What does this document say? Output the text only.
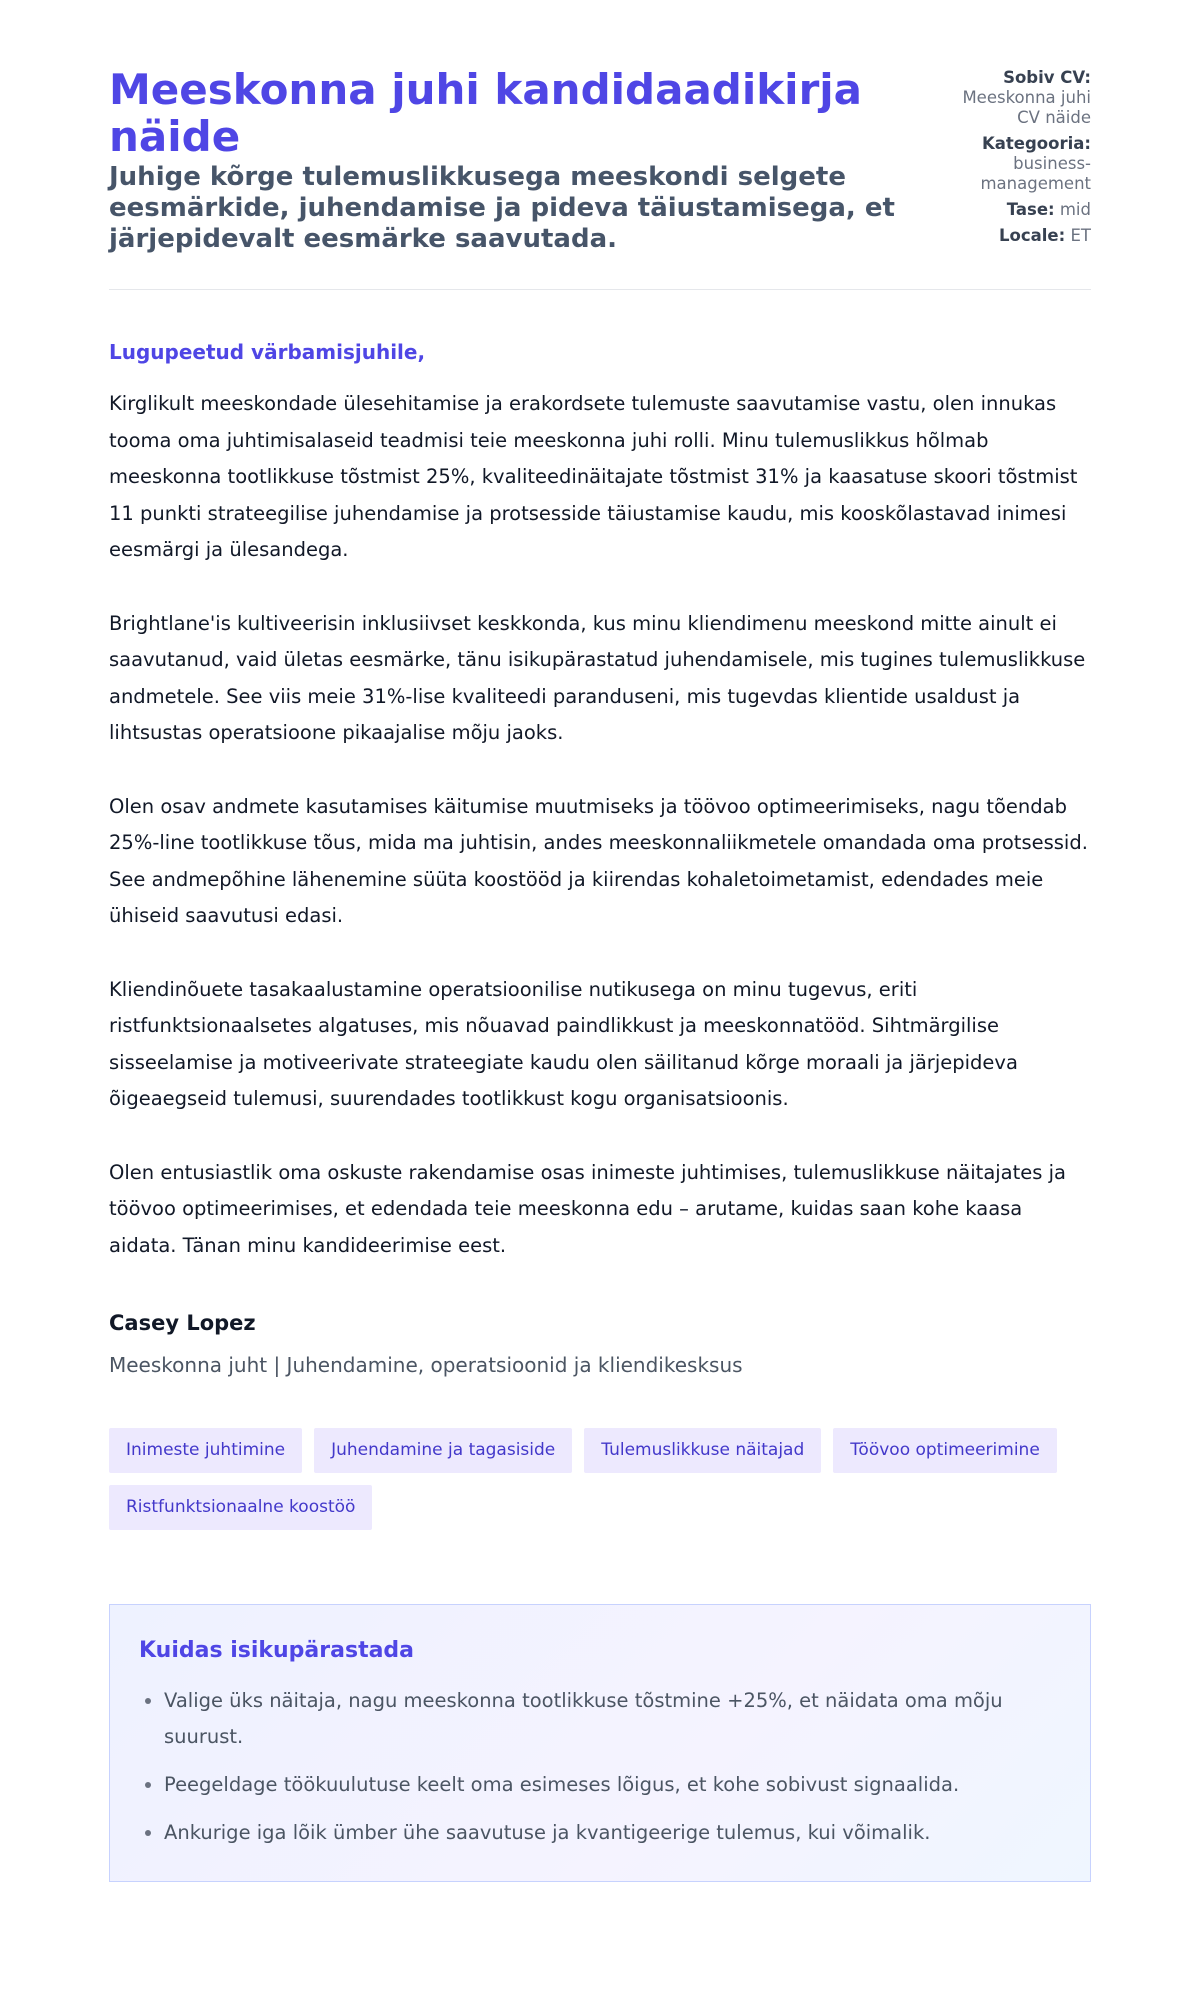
Meeskonna juhi kandidaadikirja näide
Juhige kõrge tulemuslikkusega meeskondi selgete eesmärkide, juhendamise ja pideva täiustamisega, et järjepidevalt eesmärke saavutada.
Sobiv CV:
Meeskonna juhi CV näide
Kategooria:
business-management
Tase: mid
Locale: ET
Lugupeetud värbamisjuhile,

Kirglikult meeskondade ülesehitamise ja erakordsete tulemuste saavutamise vastu, olen innukas tooma oma juhtimisalaseid teadmisi teie meeskonna juhi rolli. Minu tulemuslikkus hõlmab meeskonna tootlikkuse tõstmist 25%, kvaliteedinäitajate tõstmist 31% ja kaasatuse skoori tõstmist 11 punkti strateegilise juhendamise ja protsesside täiustamise kaudu, mis kooskõlastavad inimesi eesmärgi ja ülesandega.

Brightlane'is kultiveerisin inklusiivset keskkonda, kus minu kliendimenu meeskond mitte ainult ei saavutanud, vaid ületas eesmärke, tänu isikupärastatud juhendamisele, mis tugines tulemuslikkuse andmetele. See viis meie 31%-lise kvaliteedi paranduseni, mis tugevdas klientide usaldust ja lihtsustas operatsioone pikaajalise mõju jaoks.

Olen osav andmete kasutamises käitumise muutmiseks ja töövoo optimeerimiseks, nagu tõendab 25%-line tootlikkuse tõus, mida ma juhtisin, andes meeskonnaliikmetele omandada oma protsessid. See andmepõhine lähenemine süüta koostööd ja kiirendas kohaletoimetamist, edendades meie ühiseid saavutusi edasi.

Kliendinõuete tasakaalustamine operatsioonilise nutikusega on minu tugevus, eriti ristfunktsionaalsetes algatuses, mis nõuavad paindlikkust ja meeskonnatööd. Sihtmärgilise sisseelamise ja motiveerivate strateegiate kaudu olen säilitanud kõrge moraali ja järjepideva õigeaegseid tulemusi, suurendades tootlikkust kogu organisatsioonis.

Olen entusiastlik oma oskuste rakendamise osas inimeste juhtimises, tulemuslikkuse näitajates ja töövoo optimeerimises, et edendada teie meeskonna edu – arutame, kuidas saan kohe kaasa aidata. Tänan minu kandideerimise eest.

Casey Lopez
Meeskonna juht | Juhendamine, operatsioonid ja kliendikesksus
Inimeste juhtimine	Juhendamine ja tagasiside	Tulemuslikkuse näitajad	Töövoo optimeerimine
Ristfunktsionaalne koostöö
Kuidas isikupärastada
• Valige üks näitaja, nagu meeskonna tootlikkuse tõstmine +25%, et näidata oma mõju suurust.
• Peegeldage töökuulutuse keelt oma esimeses lõigus, et kohe sobivust signaalida.
• Ankurige iga lõik ümber ühe saavutuse ja kvantigeerige tulemus, kui võimalik.
